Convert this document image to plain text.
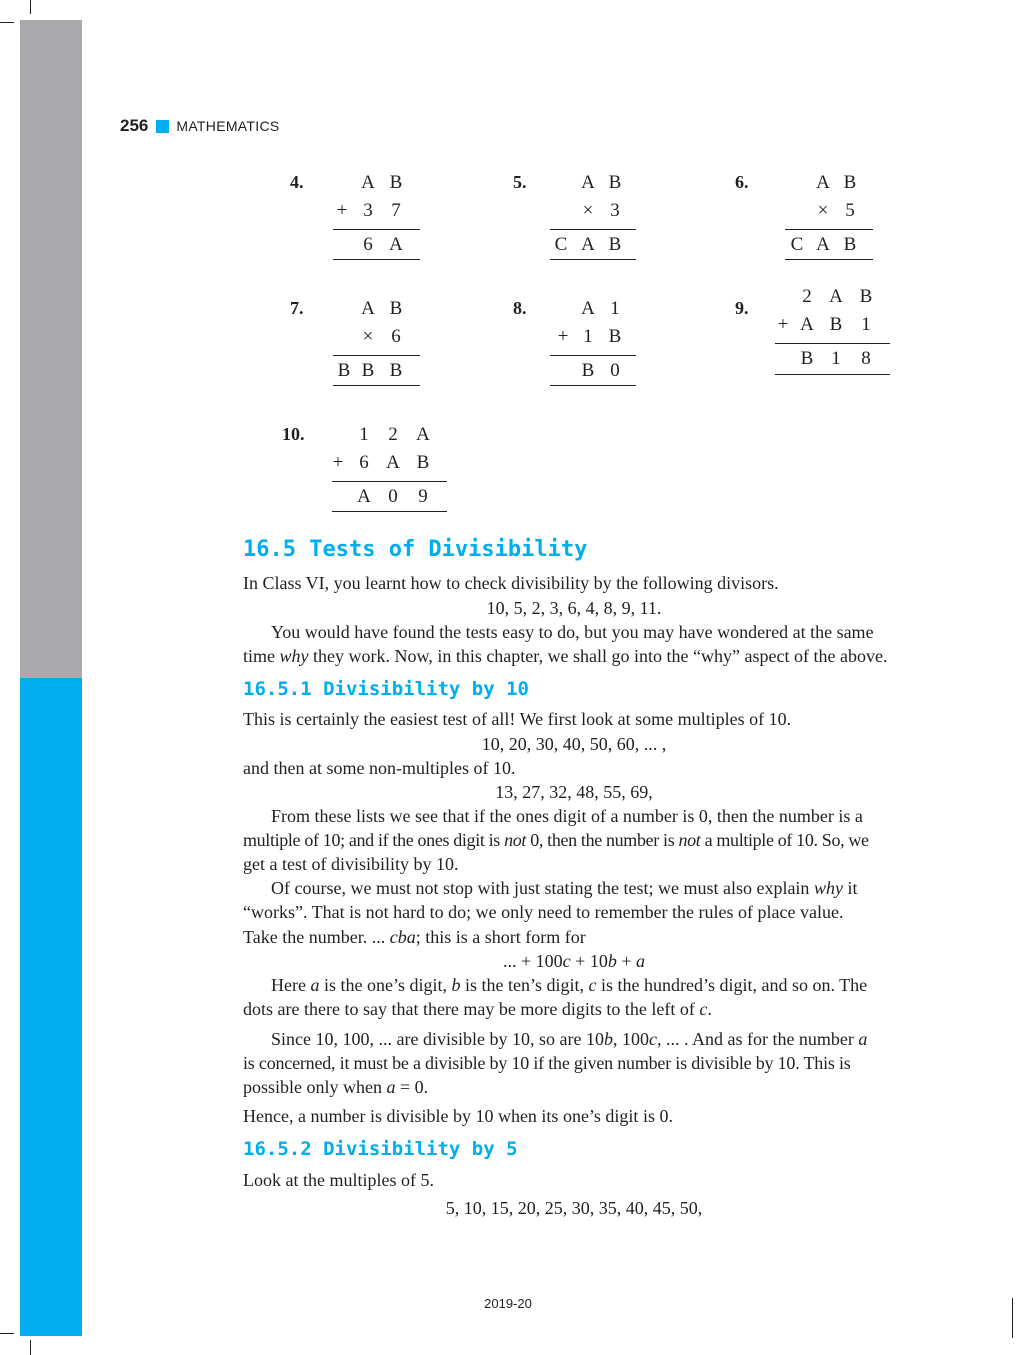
256 MATHEMATICS
4.	A B
+ 3 7
6 A
5.	A B
× 3
C A B
6.	A B
× 5
C A B
7.	A B
× 6
B B B
8.	A 1
+ 1 B
B 0
9.
2 A B
+ A B 1
B 1 8
10.	1 2 A
+ 6 A B
A 0 9
16.5 Tests of Divisibility
In Class VI, you learnt how to check divisibility by the following divisors.
10, 5, 2, 3, 6, 4, 8, 9, 11.
You would have found the tests easy to do, but you may have wondered at the same
time why they work. Now, in this chapter, we shall go into the “why” aspect of the above.
16.5.1 Divisibility by 10
This is certainly the easiest test of all! We first look at some multiples of 10.
10, 20, 30, 40, 50, 60, ... ,
and then at some non-multiples of 10.
13, 27, 32, 48, 55, 69,
From these lists we see that if the ones digit of a number is 0, then the number is a
multiple of 10; and if the ones digit is not 0, then the number is not a multiple of 10. So, we
get a test of divisibility by 10.
Of course, we must not stop with just stating the test; we must also explain why it
“works”. That is not hard to do; we only need to remember the rules of place value.
Take the number. ... cba; this is a short form for
... + 100c + 10b + a
Here a is the one’s digit, b is the ten’s digit, c is the hundred’s digit, and so on. The
dots are there to say that there may be more digits to the left of c.
Since 10, 100, ... are divisible by 10, so are 10b, 100c, ... . And as for the number a
is concerned, it must be a divisible by 10 if the given number is divisible by 10. This is
possible only when a = 0.
Hence, a number is divisible by 10 when its one’s digit is 0.
16.5.2 Divisibility by 5
Look at the multiples of 5.
5, 10, 15, 20, 25, 30, 35, 40, 45, 50,
2019-20
